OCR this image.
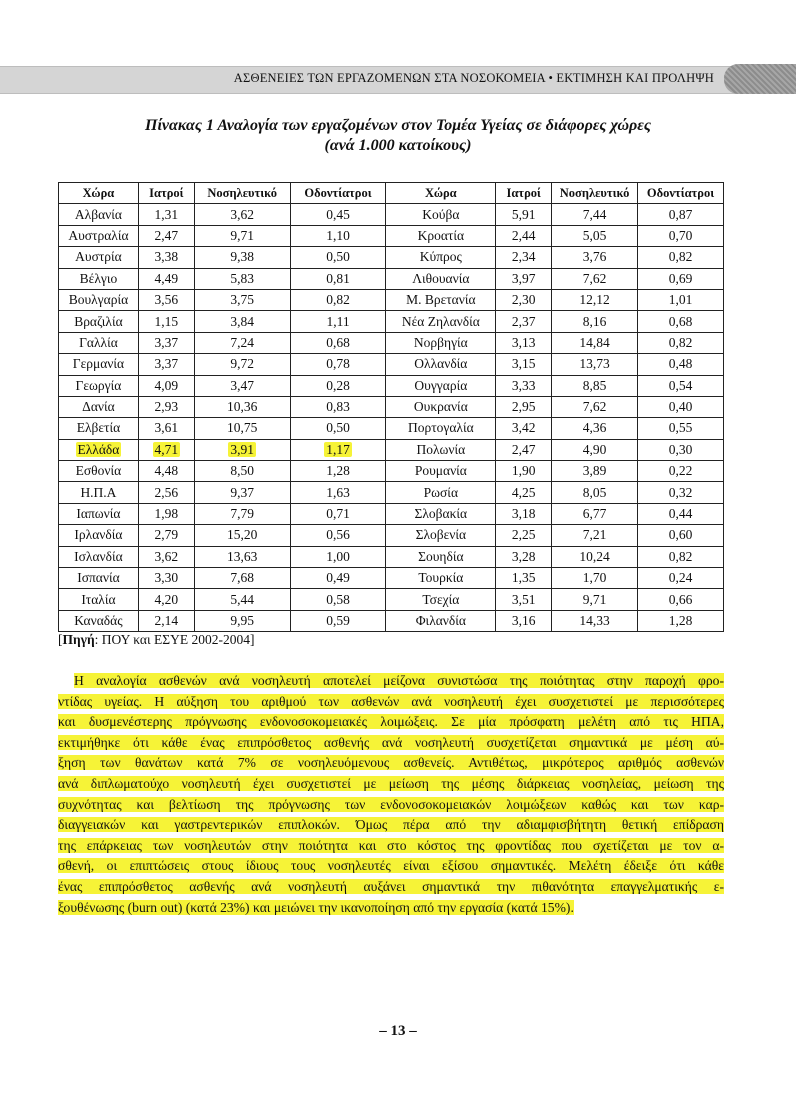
ΑΣΘΕΝΕΙΕΣ ΤΩΝ ΕΡΓΑΖΟΜΕΝΩΝ ΣΤΑ ΝΟΣΟΚΟΜΕΙΑ • ΕΚΤΙΜΗΣΗ ΚΑΙ ΠΡΟΛΗΨΗ
Πίνακας 1 Αναλογία των εργαζομένων στον Τομέα Υγείας σε διάφορες χώρες
(ανά 1.000 κατοίκους)
Χώρα	Ιατροί	Νοσηλευτικό	Οδοντίατροι	Χώρα	Ιατροί	Νοσηλευτικό	Οδοντίατροι
Αλβανία	1,31	3,62	0,45	Κούβα	5,91	7,44	0,87
Αυστραλία	2,47	9,71	1,10	Κροατία	2,44	5,05	0,70
Αυστρία	3,38	9,38	0,50	Κύπρος	2,34	3,76	0,82
Βέλγιο	4,49	5,83	0,81	Λιθουανία	3,97	7,62	0,69
Βουλγαρία	3,56	3,75	0,82	Μ. Βρετανία	2,30	12,12	1,01
Βραζιλία	1,15	3,84	1,11	Νέα Ζηλανδία	2,37	8,16	0,68
Γαλλία	3,37	7,24	0,68	Νορβηγία	3,13	14,84	0,82
Γερμανία	3,37	9,72	0,78	Ολλανδία	3,15	13,73	0,48
Γεωργία	4,09	3,47	0,28	Ουγγαρία	3,33	8,85	0,54
Δανία	2,93	10,36	0,83	Ουκρανία	2,95	7,62	0,40
Ελβετία	3,61	10,75	0,50	Πορτογαλία	3,42	4,36	0,55
Ελλάδα	4,71	3,91	1,17	Πολωνία	2,47	4,90	0,30
Εσθονία	4,48	8,50	1,28	Ρουμανία	1,90	3,89	0,22
Η.Π.Α	2,56	9,37	1,63	Ρωσία	4,25	8,05	0,32
Ιαπωνία	1,98	7,79	0,71	Σλοβακία	3,18	6,77	0,44
Ιρλανδία	2,79	15,20	0,56	Σλοβενία	2,25	7,21	0,60
Ισλανδία	3,62	13,63	1,00	Σουηδία	3,28	10,24	0,82
Ισπανία	3,30	7,68	0,49	Τουρκία	1,35	1,70	0,24
Ιταλία	4,20	5,44	0,58	Τσεχία	3,51	9,71	0,66
Καναδάς	2,14	9,95	0,59	Φιλανδία	3,16	14,33	1,28
[Πηγή: ΠΟΥ και ΕΣΥΕ 2002-2004]
Η αναλογία ασθενών ανά νοσηλευτή αποτελεί μείζονα συνιστώσα της ποιότητας στην παροχή φρο-
ντίδας υγείας. Η αύξηση του αριθμού των ασθενών ανά νοσηλευτή έχει συσχετιστεί με περισσότερες
και δυσμενέστερης πρόγνωσης ενδονοσοκομειακές λοιμώξεις. Σε μία πρόσφατη μελέτη από τις ΗΠΑ,
εκτιμήθηκε ότι κάθε ένας επιπρόσθετος ασθενής ανά νοσηλευτή συσχετίζεται σημαντικά με μέση αύ-
ξηση των θανάτων κατά 7% σε νοσηλευόμενους ασθενείς. Αντιθέτως, μικρότερος αριθμός ασθενών
ανά διπλωματούχο νοσηλευτή έχει συσχετιστεί με μείωση της μέσης διάρκειας νοσηλείας, μείωση της
συχνότητας και βελτίωση της πρόγνωσης των ενδονοσοκομειακών λοιμώξεων καθώς και των καρ-
διαγγειακών και γαστρεντερικών επιπλοκών. Όμως πέρα από την αδιαμφισβήτητη θετική επίδραση
της επάρκειας των νοσηλευτών στην ποιότητα και στο κόστος της φροντίδας που σχετίζεται με τον α-
σθενή, οι επιπτώσεις στους ίδιους τους νοσηλευτές είναι εξίσου σημαντικές. Μελέτη έδειξε ότι κάθε
ένας επιπρόσθετος ασθενής ανά νοσηλευτή αυξάνει σημαντικά την πιθανότητα επαγγελματικής ε-
ξουθένωσης (burn out) (κατά 23%) και μειώνει την ικανοποίηση από την εργασία (κατά 15%).
– 13 –
